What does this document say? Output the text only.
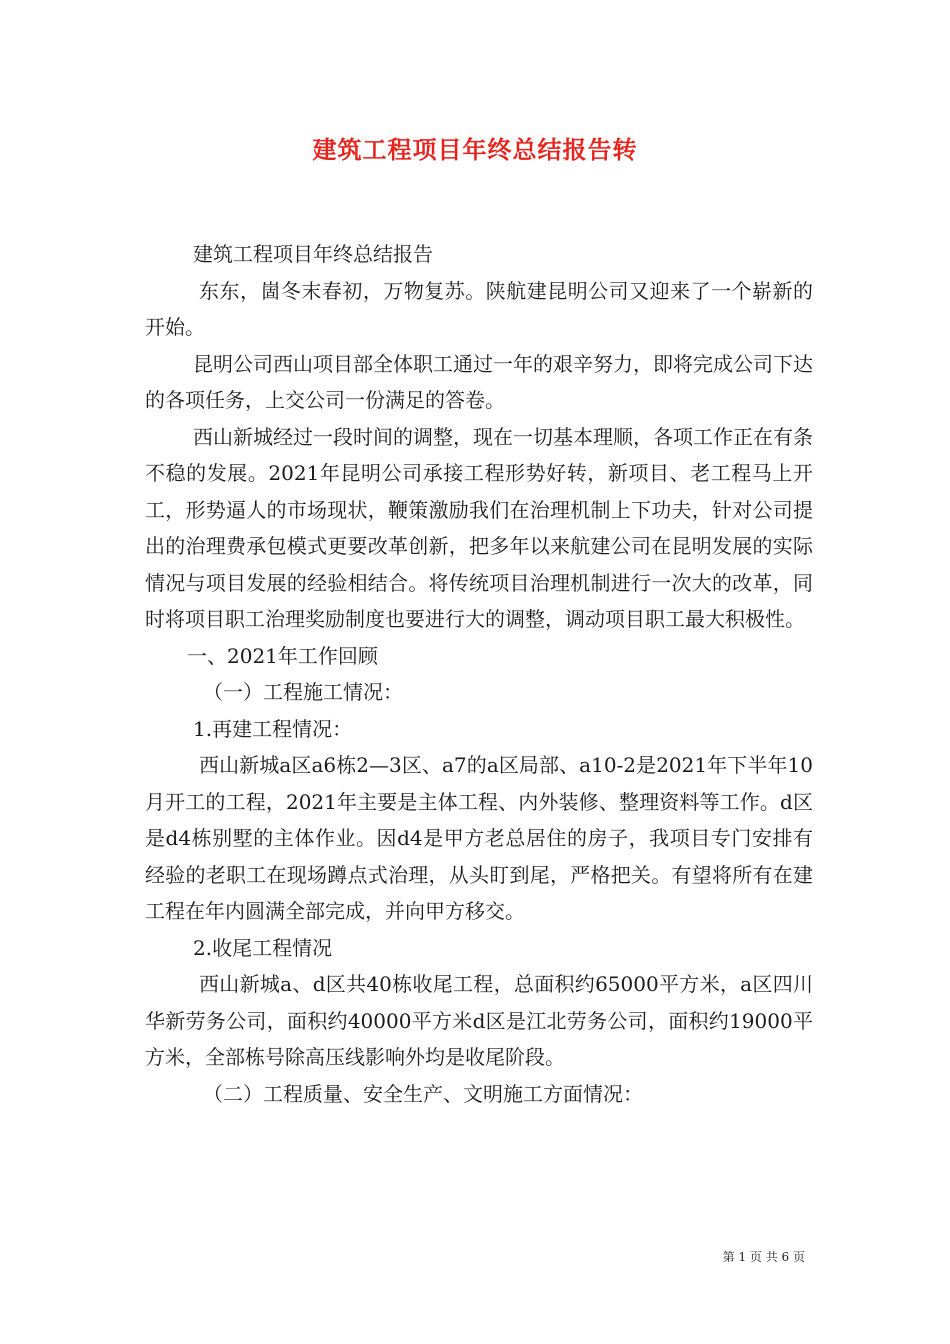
建筑工程项目年终总结报告转

建筑工程项目年终总结报告

东东，崮冬末春初，万物复苏。陕航建昆明公司又迎来了一个崭新的开始。

昆明公司西山项目部全体职工通过一年的艰辛努力，即将完成公司下达的各项任务，上交公司一份满足的答卷。

西山新城经过一段时间的调整，现在一切基本理顺，各项工作正在有条不稳的发展。2021年昆明公司承接工程形势好转，新项目、老工程马上开工，形势逼人的市场现状，鞭策激励我们在治理机制上下功夫，针对公司提出的治理费承包模式更要改革创新，把多年以来航建公司在昆明发展的实际情况与项目发展的经验相结合。将传统项目治理机制进行一次大的改革，同时将项目职工治理奖励制度也要进行大的调整，调动项目职工最大积极性。

一、2021年工作回顾

（一）工程施工情况：

1.再建工程情况：

西山新城a区a6栋2—3区、a7的a区局部、a10-2是2021年下半年10月开工的工程，2021年主要是主体工程、内外装修、整理资料等工作。d区是d4栋别墅的主体作业。因d4是甲方老总居住的房子，我项目专门安排有经验的老职工在现场蹲点式治理，从头盯到尾，严格把关。有望将所有在建工程在年内圆满全部完成，并向甲方移交。

2.收尾工程情况

西山新城a、d区共40栋收尾工程，总面积约65000平方米，a区四川华新劳务公司，面积约40000平方米d区是江北劳务公司，面积约19000平方米，全部栋号除高压线影响外均是收尾阶段。

（二）工程质量、安全生产、文明施工方面情况：

第 1 页 共 6 页
